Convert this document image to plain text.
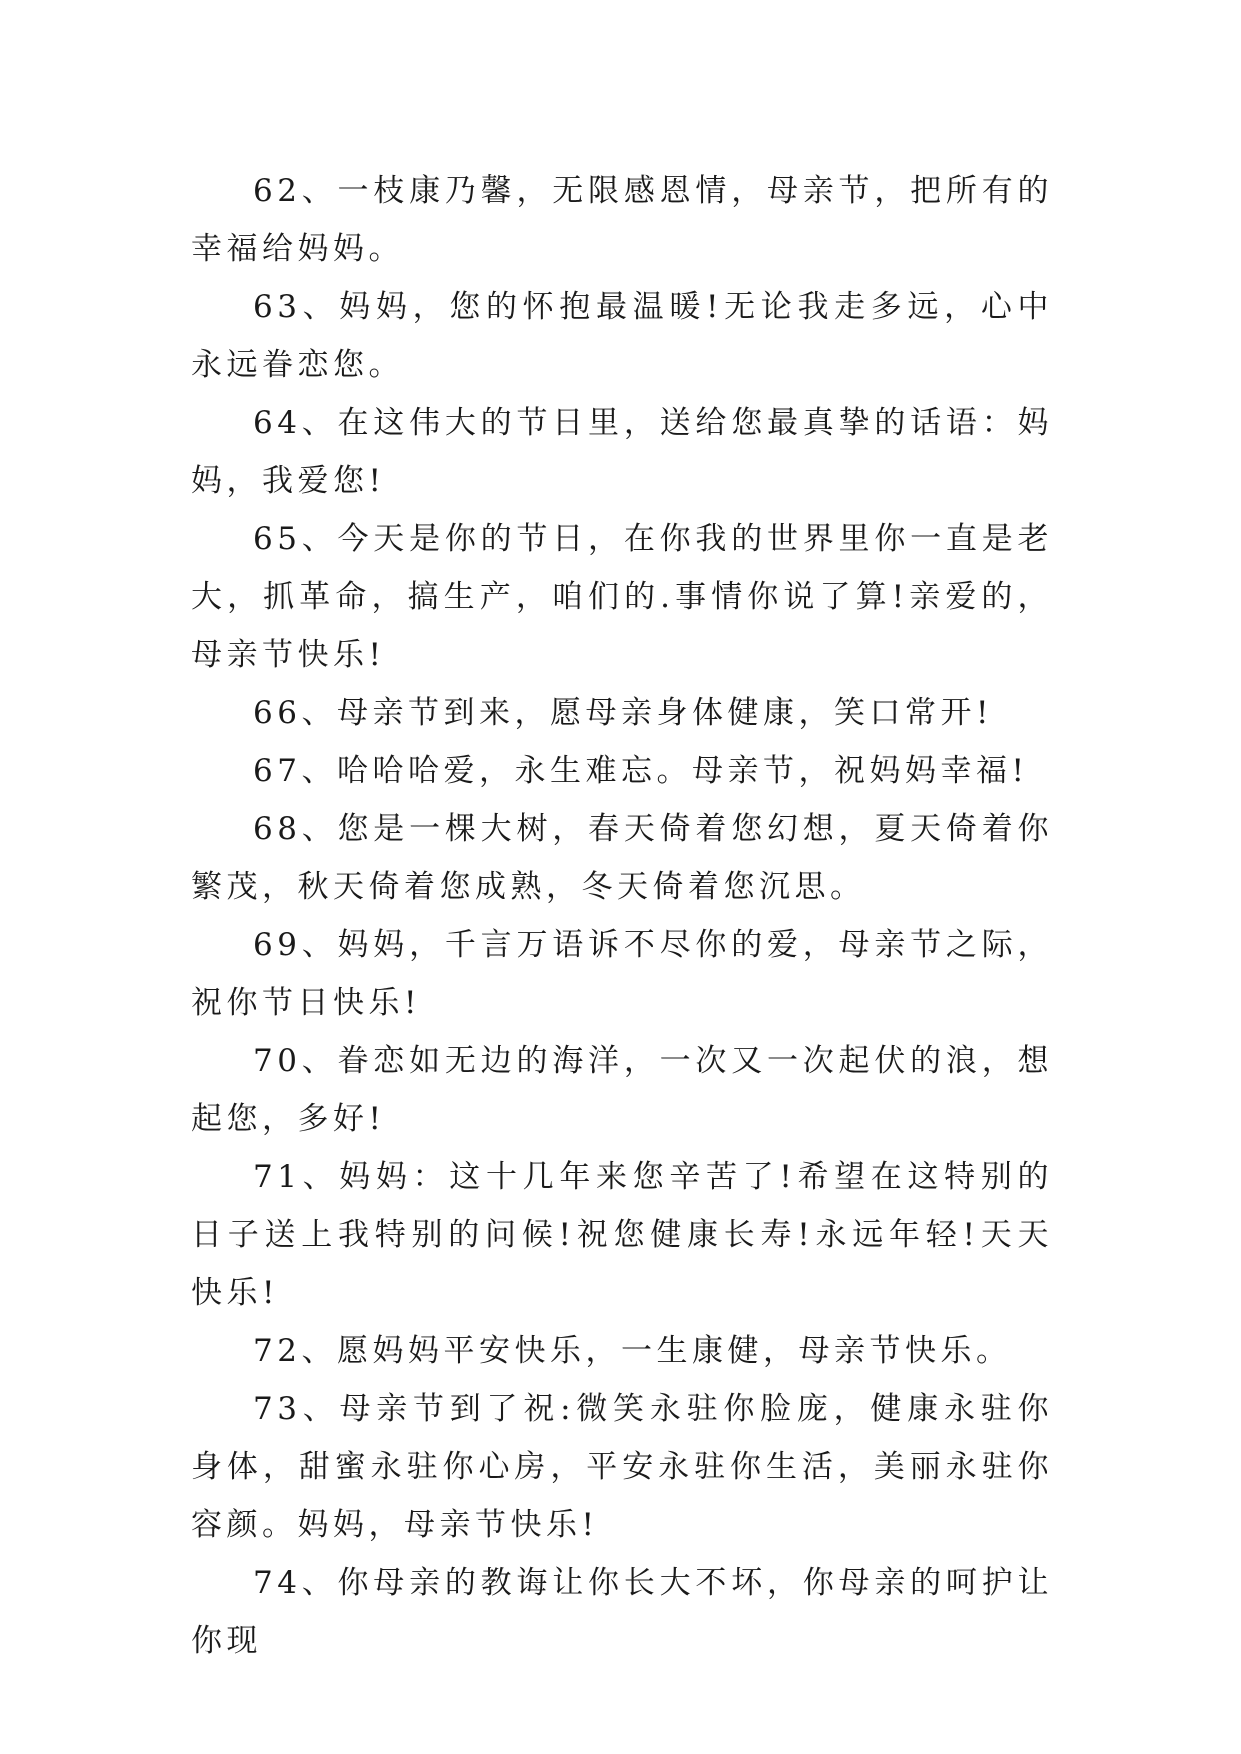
62、一枝康乃馨，无限感恩情，母亲节，把所有的幸福给妈妈。

63、妈妈，您的怀抱最温暖!无论我走多远，心中永远眷恋您。

64、在这伟大的节日里，送给您最真挚的话语：妈妈，我爱您!

65、今天是你的节日，在你我的世界里你一直是老大，抓革命，搞生产，咱们的.事情你说了算!亲爱的，母亲节快乐!

66、母亲节到来，愿母亲身体健康，笑口常开!

67、哈哈哈爱，永生难忘。母亲节，祝妈妈幸福!

68、您是一棵大树，春天倚着您幻想，夏天倚着你繁茂，秋天倚着您成熟，冬天倚着您沉思。

69、妈妈，千言万语诉不尽你的爱，母亲节之际，祝你节日快乐!

70、眷恋如无边的海洋，一次又一次起伏的浪，想起您，多好!

71、妈妈：这十几年来您辛苦了!希望在这特别的日子送上我特别的问候!祝您健康长寿!永远年轻!天天快乐!

72、愿妈妈平安快乐，一生康健，母亲节快乐。

73、母亲节到了祝:微笑永驻你脸庞，健康永驻你身体，甜蜜永驻你心房，平安永驻你生活，美丽永驻你容颜。妈妈，母亲节快乐!

74、你母亲的教诲让你长大不坏，你母亲的呵护让你现
